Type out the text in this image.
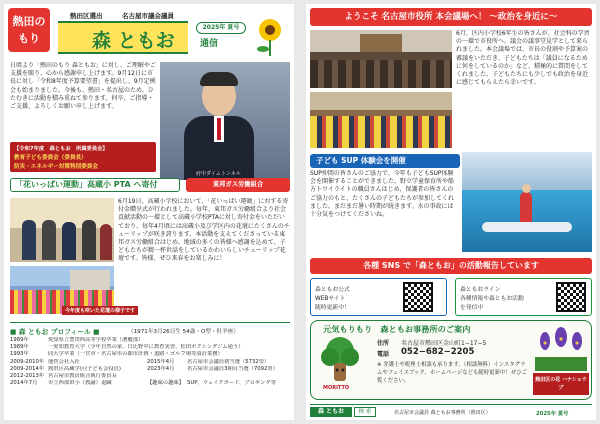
熱田の
もり
熱田区選出	名古屋市議会議員
2025年 夏号
森 ともお	通信
日頃より「熱田のもり 森ともお」に対し、ご理解やご支援を賜り、心から感謝申し上げます。9月12日に市長に対し「令和8年度予算要望書」を提出し、9月定例会も始まりました。今後も、熱田・名古屋のため、ひたむきに活動を積み重ねて参ります。何卒、ご指導・ご支援、よろしくお願い申し上げます。
【令和7年度　森ともお　所属委員会】
教育子ども委員会（委員長）
防災・エネルギー対策特別委員会
府中ダイムトンネル
「花いっぱい運動」高蔵小 PTA へ寄付	東邦ガス労働組合
今年度も咲いた花壇の様子です
6月19日、高蔵小学校において、「花いっぱい運動」に対する寄付金贈呈式が行われました。毎年、東邦ガス労働組合より社会貢献活動の一環として高蔵小学校PTAに対し寄付金をいただいており、毎年4月頃には高蔵小及び学区内の花壇にたくさんのチューリップが咲き誇ります。本活動を支えてくださっている東邦ガス労働組合はじめ、地域の多くの皆様へ感謝を込めて、子どもたちが精一杯世話をしているかわいらしいチューリップ花壇です。皆様、ぜひ来春をお楽しみに！
■ 森 ともお プロフィール ■	（1971年3月26日生 54歳・O型・牡羊座）
1989年	愛知県立豊田西高等学校卒業（漕艇部）
1989年	一愛知教育大学（少年自然の家、日比野中に教育実習、松田ボクシングジム通う）
1993年	同大学卒業（一宮市・名古屋市の都市計画・道路・ゴルフ場等設計業務）
2009-2010年 運営会社入社	2015年4月	名古屋市会議員初当選（5732票）
2009-2014年 熱田区高蔵学区(子ども会役員)	2023年4月	名古屋市会議員3期目当選（7092票）
2012-2013年 名古屋市教員組合執行委員長
2014年7月	市立西部田小（教諭）退職	【趣味の趣味】 SUP、ウェイクボード、ブロギング等
ようこそ 名古屋市役所 本会議場へ！ 〜政治を身近に〜
6月、区内小学校6年生の皆さんが、社会科の学習の一環で市役所へ。議会の議事堂見学として来られました。本会議場では、市長の役割や予算案の審議をいただき、子どもたちは「議員になるために何をしているのか」など、積極的に質問をしてくれました。子どもたちにも少しでも政治を身近に感じてもらえたら幸いです。
子ども SUP 体験会を開催
SUP仲間の皆さんのご協力で、今年も子どもSUP体験会を開催することができました。野立学童保育所や船方トワイライトの職員さんはじめ、保護者の皆さんのご協力のもと、たくさんの子どもたちが参加してくれました。まだまだ暑い時期が続きます。水の事故には十分気をつけてくださいね。
各種 SNS で「森ともお」の活動報告しています
森ともお公式
WEBサイト
随時更新中！
森ともおライン
各種情報や森ともお活動
を発信中
元気もりもり　森ともお事務所のご案内
MORITTO
住所 名古屋市熱田区金山町1−17−5
電話 052−682−2205
※ 弁護士や税理士相談も承ります。（相談無料）インスタグラムやフェイスブック、ホームページなども随時更新中！ぜひご覧ください。	熱田区の花 ハナショウブ
森 ともお	検 索	名古屋市会議員 森ともお事務所（熱田区）	2025年 夏号
